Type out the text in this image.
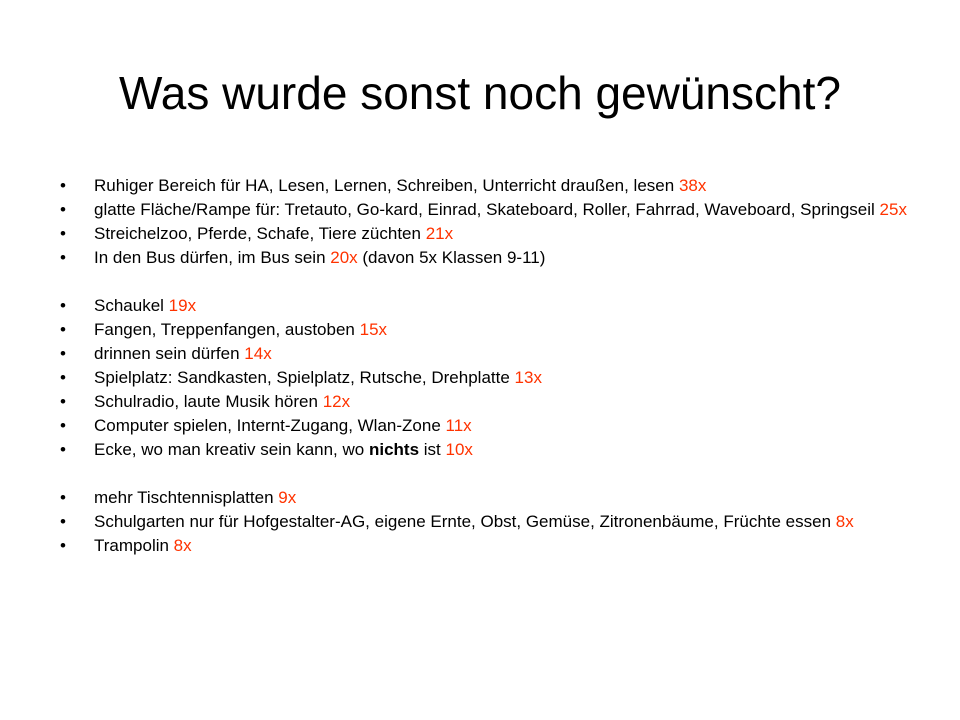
Was wurde sonst noch gewünscht?
•	Ruhiger Bereich für HA, Lesen, Lernen, Schreiben, Unterricht draußen, lesen 38x
•	glatte Fläche/Rampe für: Tretauto, Go-kard, Einrad, Skateboard, Roller, Fahrrad, Waveboard, Springseil 25x
•	Streichelzoo, Pferde, Schafe, Tiere züchten 21x
•	In den Bus dürfen, im Bus sein 20x (davon 5x Klassen 9-11)
•	Schaukel 19x
•	Fangen, Treppenfangen, austoben 15x
•	drinnen sein dürfen 14x
•	Spielplatz: Sandkasten, Spielplatz, Rutsche, Drehplatte 13x
•	Schulradio, laute Musik hören 12x
•	Computer spielen, Internt-Zugang, Wlan-Zone 11x
•	Ecke, wo man kreativ sein kann, wo nichts ist 10x
•	mehr Tischtennisplatten 9x
•	Schulgarten nur für Hofgestalter-AG, eigene Ernte, Obst, Gemüse, Zitronenbäume, Früchte essen 8x
•	Trampolin 8x
